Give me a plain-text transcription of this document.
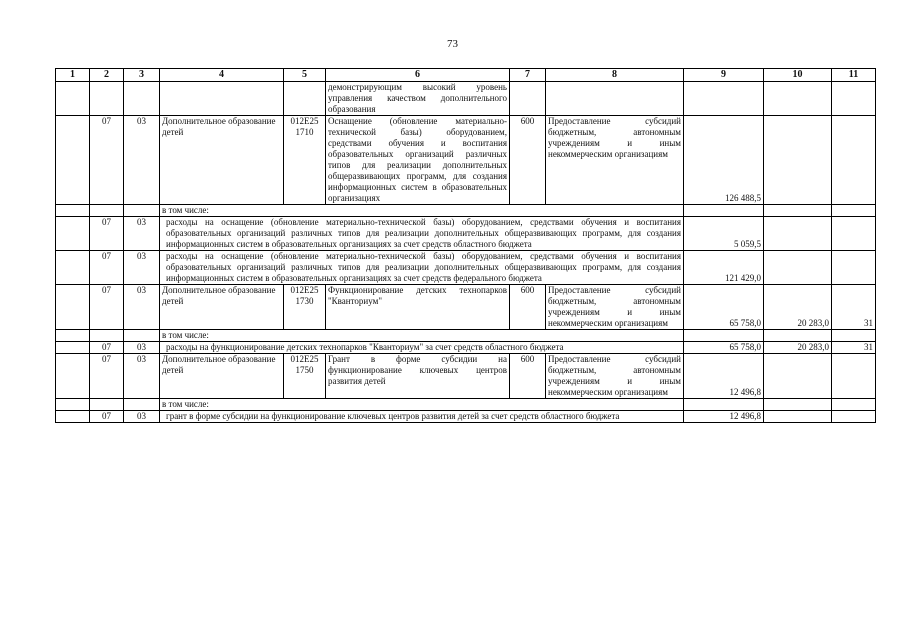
73
1	2	3	4	5	6	7	8	9	10	11
					демонстрирующим высокий уровень управления качеством дополнительного образования					
	07	03	Дополнительное образование детей	012E25 1710	Оснащение (обновление материально-технической базы) оборудованием, средствами обучения и воспитания образовательных организаций различных типов для реализации дополнительных общеразвивающих программ, для создания информационных систем в образовательных организациях	600	Предоставление субсидий бюджетным, автономным учреждениям и иным некоммерческим организациям	126 488,5		
			в том числе:							
	07	03	расходы на оснащение (обновление материально-технической базы) оборудованием, средствами обучения и воспитания образовательных организаций различных типов для реализации дополнительных общеразвивающих программ, для создания информационных систем в образовательных организациях за счет средств областного бюджета					5 059,5		
	07	03	расходы на оснащение (обновление материально-технической базы) оборудованием, средствами обучения и воспитания образовательных организаций различных типов для реализации дополнительных общеразвивающих программ, для создания информационных систем в образовательных организациях за счет средств федерального бюджета					121 429,0		
	07	03	Дополнительное образование детей	012E25 1730	Функционирование детских технопарков "Кванториум"	600	Предоставление субсидий бюджетным, автономным учреждениям и иным некоммерческим организациям	65 758,0	20 283,0	31
			в том числе:							
	07	03	расходы на функционирование детских технопарков "Кванториум" за счет средств областного бюджета					65 758,0	20 283,0	31
	07	03	Дополнительное образование детей	012E25 1750	Грант в форме субсидии на функционирование ключевых центров развития детей	600	Предоставление субсидий бюджетным, автономным учреждениям и иным некоммерческим организациям	12 496,8		
			в том числе:							
	07	03	грант в форме субсидии на функционирование ключевых центров развития детей за счет средств областного бюджета					12 496,8		
